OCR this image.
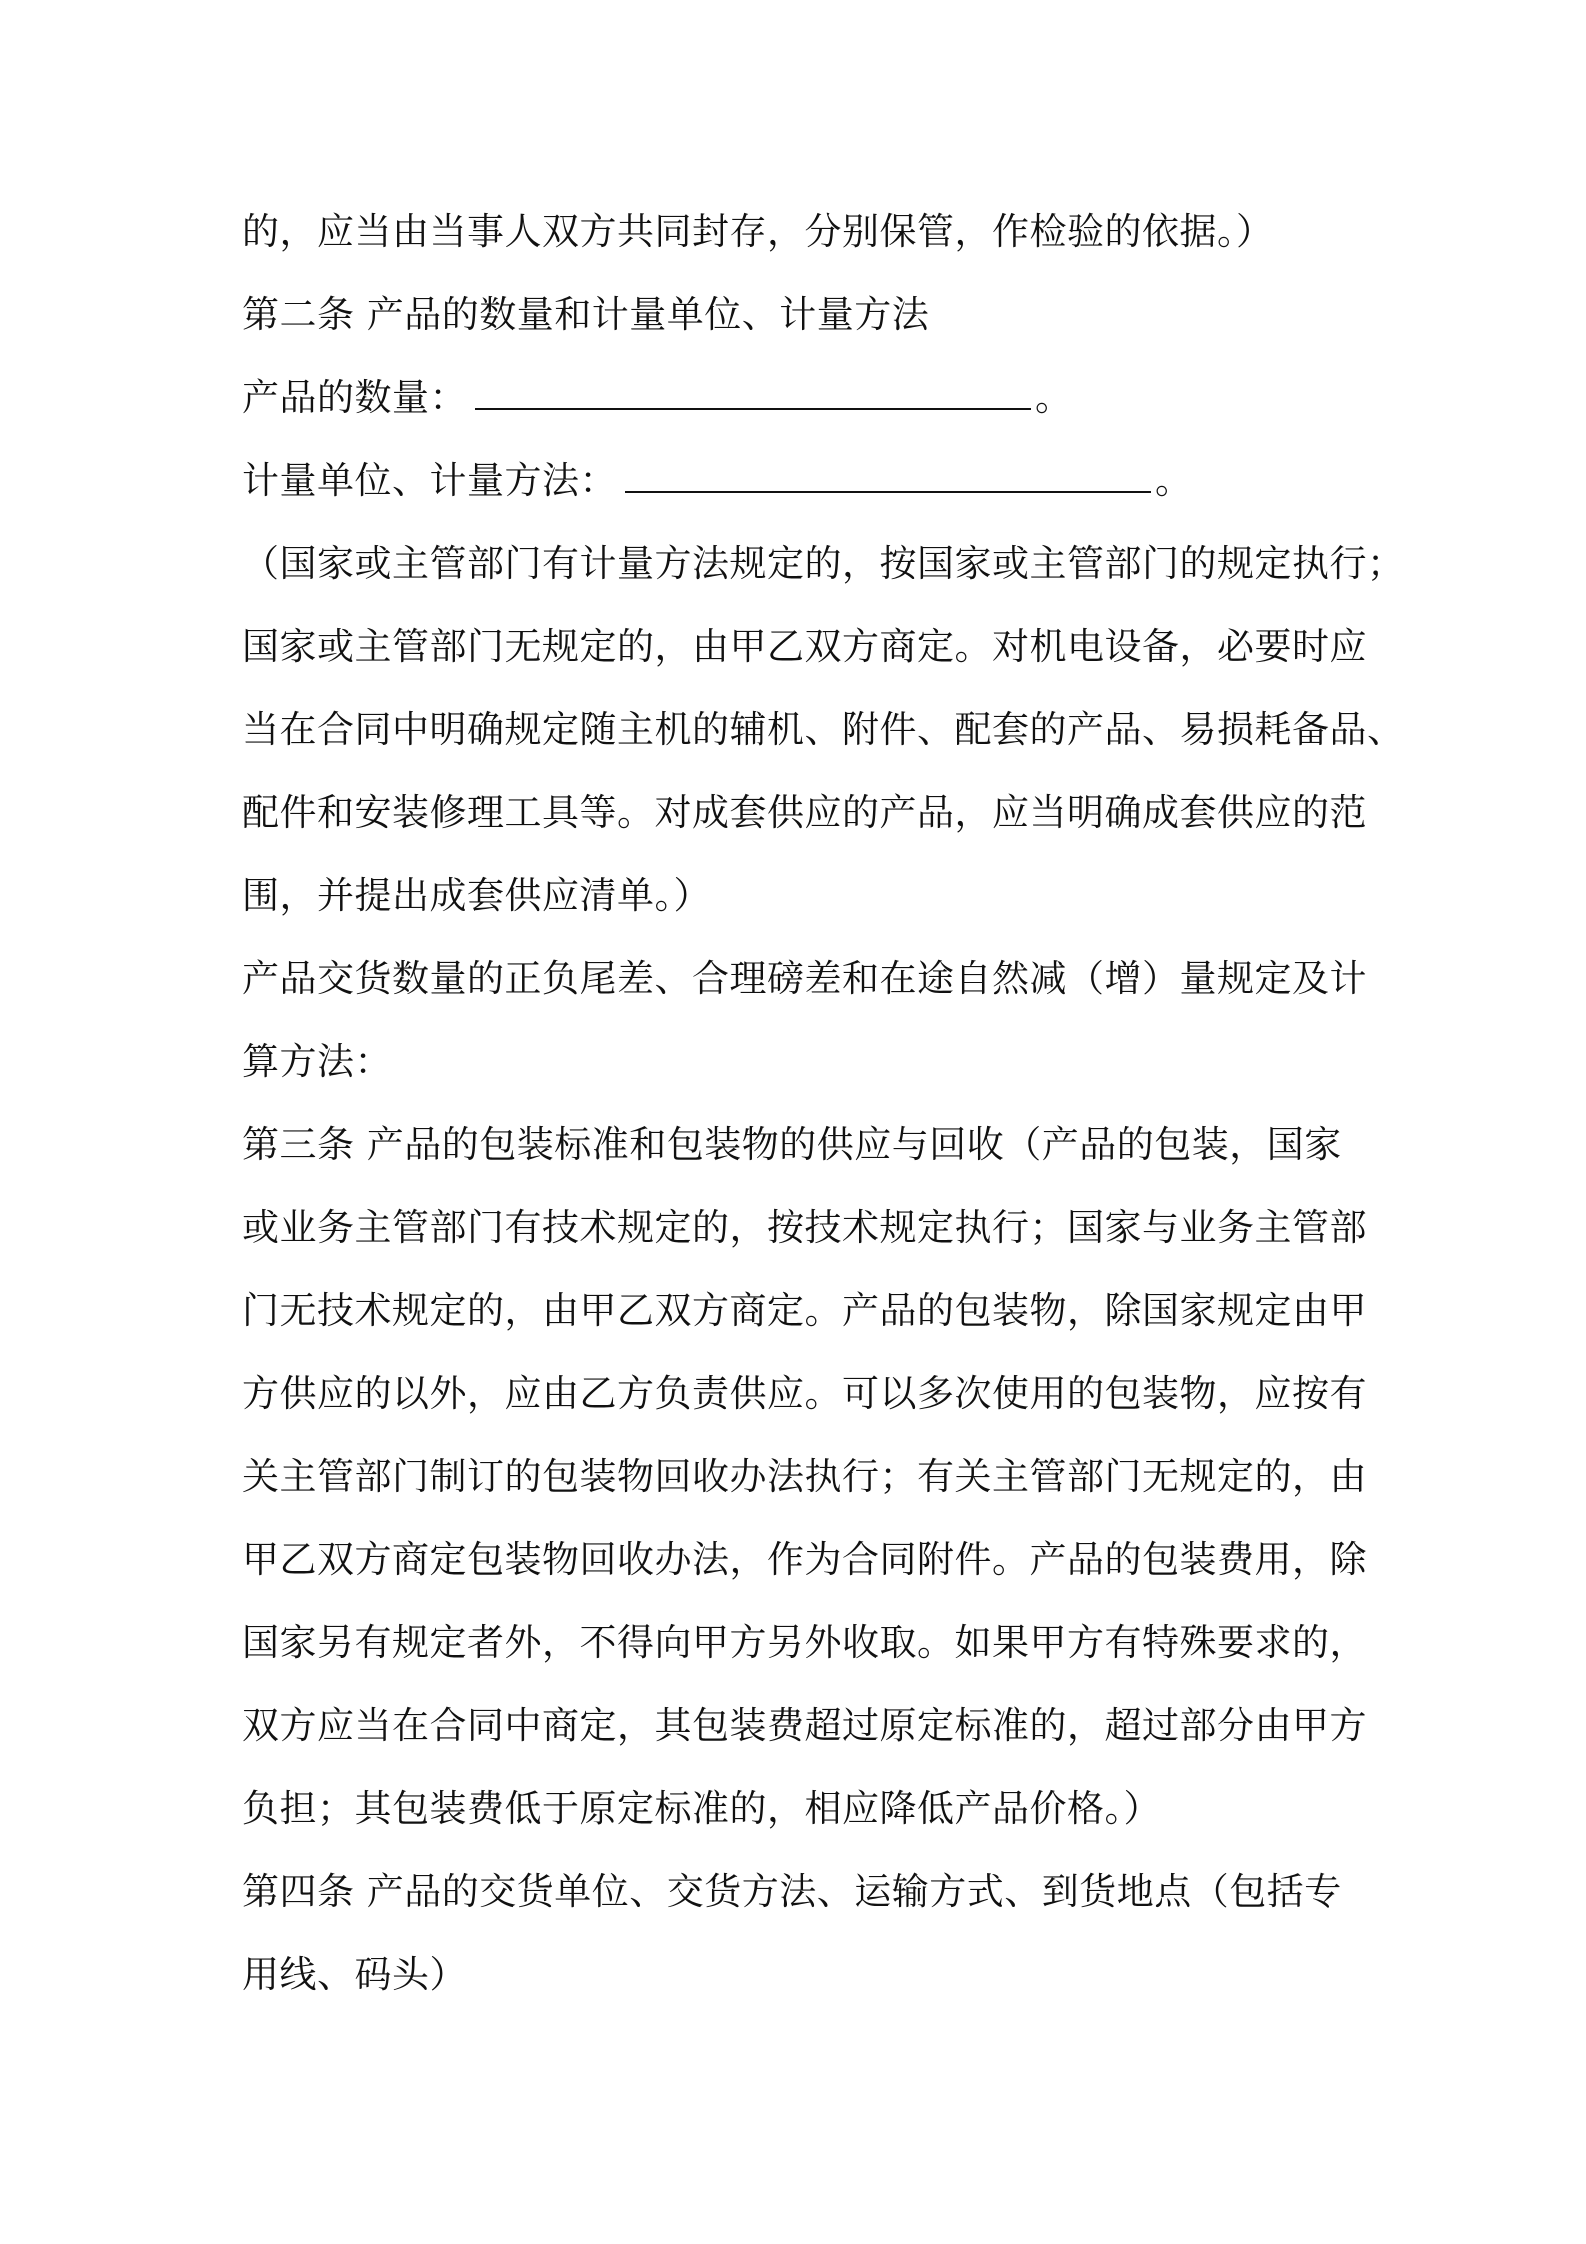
的，应当由当事人双方共同封存，分别保管，作检验的依据。）
第二条 产品的数量和计量单位、计量方法
产品的数量：	。
计量单位、计量方法：	。
（国家或主管部门有计量方法规定的，按国家或主管部门的规定执行；
国家或主管部门无规定的，由甲乙双方商定。对机电设备，必要时应
当在合同中明确规定随主机的辅机、附件、配套的产品、易损耗备品、
配件和安装修理工具等。对成套供应的产品，应当明确成套供应的范
围，并提出成套供应清单。）
产品交货数量的正负尾差、合理磅差和在途自然减（增）量规定及计
算方法：
第三条 产品的包装标准和包装物的供应与回收（产品的包装，国家
或业务主管部门有技术规定的，按技术规定执行；国家与业务主管部
门无技术规定的，由甲乙双方商定。产品的包装物，除国家规定由甲
方供应的以外，应由乙方负责供应。可以多次使用的包装物，应按有
关主管部门制订的包装物回收办法执行；有关主管部门无规定的，由
甲乙双方商定包装物回收办法，作为合同附件。产品的包装费用，除
国家另有规定者外，不得向甲方另外收取。如果甲方有特殊要求的，
双方应当在合同中商定，其包装费超过原定标准的，超过部分由甲方
负担；其包装费低于原定标准的，相应降低产品价格。）
第四条 产品的交货单位、交货方法、运输方式、到货地点（包括专
用线、码头）
